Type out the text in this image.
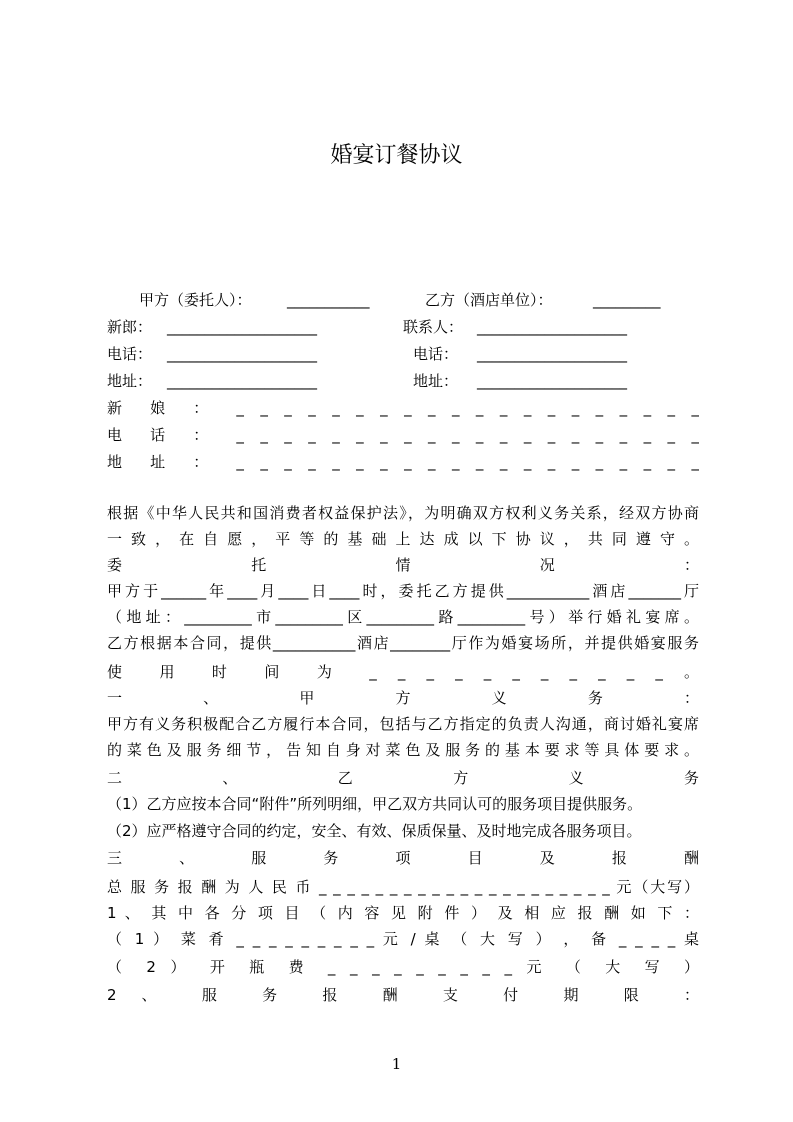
婚宴订餐协议
甲方（委托人）： ___________	乙方（酒店单位）：	_________
新郎： ____________________	联系人： ____________________
电话： ____________________	电话： ____________________
地址： ____________________	地址： ____________________
新 娘 ： _ _ _ _ _ _ _ _ _ _ _ _ _ _ _ _ _ _ _ _
电 话 ： _ _ _ _ _ _ _ _ _ _ _ _ _ _ _ _ _ _ _ _
地 址 ： _ _ _ _ _ _ _ _ _ _ _ _ _ _ _ _ _ _ _ _
根据《中华人民共和国消费者权益保护法》，为明确双方权利义务关系，经双方协商
一 致 ， 在 自 愿 ， 平 等 的 基 础 上 达 成 以 下 协 议 ， 共 同 遵 守 。
委 托 情 况 ：
甲方于______年____月____日____时，委托乙方提供___________酒店_______厅
（地址：_________市_________区_________路_________号）举行婚礼宴席。
乙方根据本合同，提供___________酒店________厅作为婚宴场所，并提供婚宴服务
使 用 时 间 为 _ _ _ _ _ _ _ _ _ _ _ 。
一 、 甲 方 义 务 ：
甲方有义务积极配合乙方履行本合同，包括与乙方指定的负责人沟通，商讨婚礼宴席
的 菜 色 及 服 务 细 节 ， 告 知 自 身 对 菜 色 及 服 务 的 基 本 要 求 等 具 体 要 求 。
二 、 乙 方 义 务
（1）乙方应按本合同“附件”所列明细，甲乙双方共同认可的服务项目提供服务。
（2）应严格遵守合同的约定，安全、有效、保质保量、及时地完成各服务项目。
三 、 服 务 项 目 及 报 酬
总 服 务 报 酬 为 人 民 币 _ _ _ _ _ _ _ _ _ _ _ _ _ _ _ _ _ _ _ _ _ 元（大写）
1 、 其 中 各 分 项 目 （ 内 容 见 附 件 ） 及 相 应 报 酬 如 下 ：
（ 1 ） 菜 肴 _ _ _ _ _ _ _ _ _ 元 / 桌 （ 大 写 ） ， 备 _ _ _ _ 桌
（ 2 ） 开 瓶 费 _ _ _ _ _ _ _ _ _ 元 （ 大 写 ）
2 、 服 务 报 酬 支 付 期 限 ：
1
